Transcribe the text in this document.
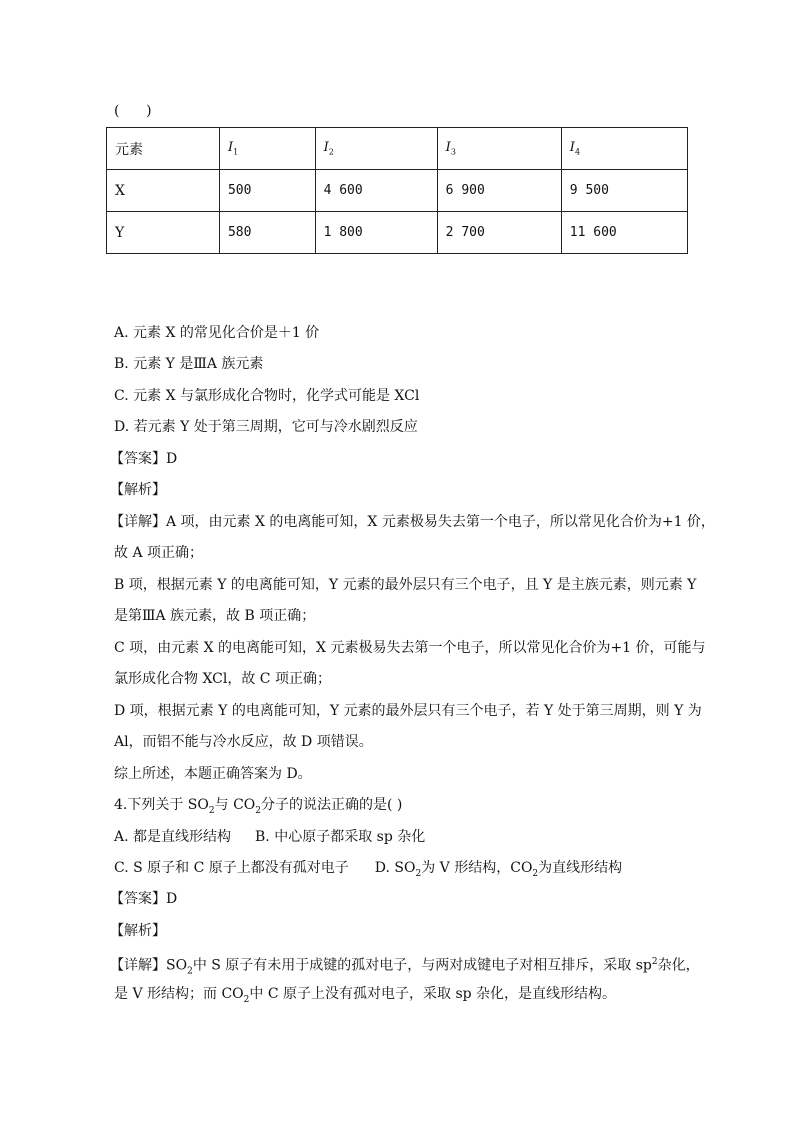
(      )
元素	$I_1$	$I_2$	$I_3$	$I_4$
X	500	4 600	6 900	9 500
Y	580	1 800	2 700	11 600
A. 元素 X 的常见化合价是＋1 价
B. 元素 Y 是ⅢA 族元素
C. 元素 X 与氯形成化合物时，化学式可能是 XCl
D. 若元素 Y 处于第三周期，它可与冷水剧烈反应
【答案】D
【解析】
【详解】A 项，由元素 X 的电离能可知，X 元素极易失去第一个电子，所以常见化合价为+1 价，
故 A 项正确；
B 项，根据元素 Y 的电离能可知，Y 元素的最外层只有三个电子，且 Y 是主族元素，则元素 Y
是第ⅢA 族元素，故 B 项正确；
C 项，由元素 X 的电离能可知，X 元素极易失去第一个电子，所以常见化合价为+1 价，可能与
氯形成化合物 XCl，故 C 项正确；
D 项，根据元素 Y 的电离能可知，Y 元素的最外层只有三个电子，若 Y 处于第三周期，则 Y 为
Al，而铝不能与冷水反应，故 D 项错误。
综上所述，本题正确答案为 D。
4.下列关于 $SO_2$与 $CO_2$分子的说法正确的是( )
A. 都是直线形结构 B. 中心原子都采取 sp 杂化
C. S 原子和 C 原子上都没有孤对电子 D. $SO_2$为 V 形结构，$CO_2$为直线形结构
【答案】D
【解析】
【详解】$SO_2$中 S 原子有未用于成键的孤对电子，与两对成键电子对相互排斥，采取 $sp^2$杂化，
是 V 形结构；而 $CO_2$中 C 原子上没有孤对电子，采取 sp 杂化，是直线形结构。
